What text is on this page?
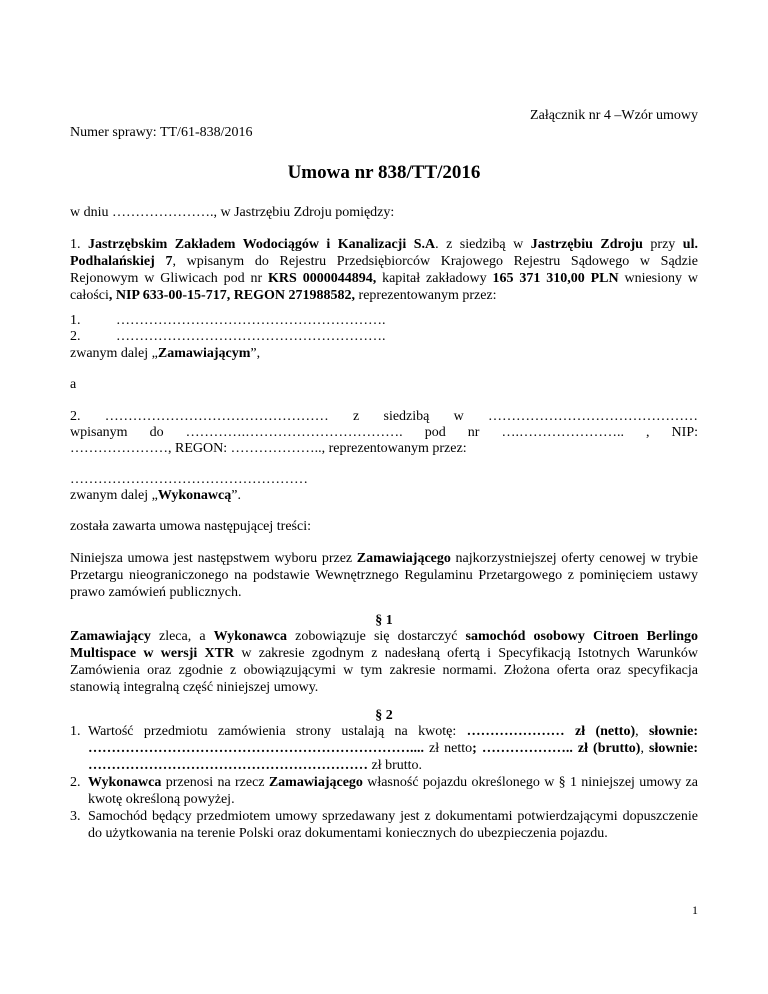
Załącznik nr 4 –Wzór umowy

Numer sprawy: TT/61-838/2016

Umowa nr 838/TT/2016

w dniu …………………., w Jastrzębiu Zdroju pomiędzy:

1. Jastrzębskim Zakładem Wodociągów i Kanalizacji S.A. z siedzibą w Jastrzębiu Zdroju przy ul. Podhalańskiej 7, wpisanym do Rejestru Przedsiębiorców Krajowego Rejestru Sądowego w Sądzie Rejonowym w Gliwicach pod nr KRS 0000044894, kapitał zakładowy 165 371 310,00 PLN wniesiony w całości, NIP 633-00-15-717, REGON 271988582, reprezentowanym przez:

1.	………………………………………………….
2.	………………………………………………….

zwanym dalej „Zamawiającym”,

a

2. ………………………………………… z siedzibą w ………………………………………

wpisanym do ………….……………………………. pod nr ….………………….. , NIP:

…………………, REGON: ……………….., reprezentowanym przez:

……………………………………………

zwanym dalej „Wykonawcą”.

została zawarta umowa następującej treści:

Niniejsza umowa jest następstwem wyboru przez Zamawiającego najkorzystniejszej oferty cenowej w trybie Przetargu nieograniczonego na podstawie Wewnętrznego Regulaminu Przetargowego z pominięciem ustawy prawo zamówień publicznych.

§ 1

Zamawiający zleca, a Wykonawca zobowiązuje się dostarczyć samochód osobowy Citroen Berlingo Multispace w wersji XTR w zakresie zgodnym z nadesłaną ofertą i Specyfikacją Istotnych Warunków Zamówienia oraz zgodnie z obowiązującymi w tym zakresie normami. Złożona oferta oraz specyfikacja stanowią integralną część niniejszej umowy.

§ 2

1. Wartość przedmiotu zamówienia strony ustalają na kwotę: ………………… zł (netto), słownie: …………………………………………………………….... zł netto; ……………….. zł (brutto), słownie: …………………………………………………… zł brutto.
2. Wykonawca przenosi na rzecz Zamawiającego własność pojazdu określonego w § 1 niniejszej umowy za kwotę określoną powyżej.
3. Samochód będący przedmiotem umowy sprzedawany jest z dokumentami potwierdzającymi dopuszczenie do użytkowania na terenie Polski oraz dokumentami koniecznych do ubezpieczenia pojazdu.

1
